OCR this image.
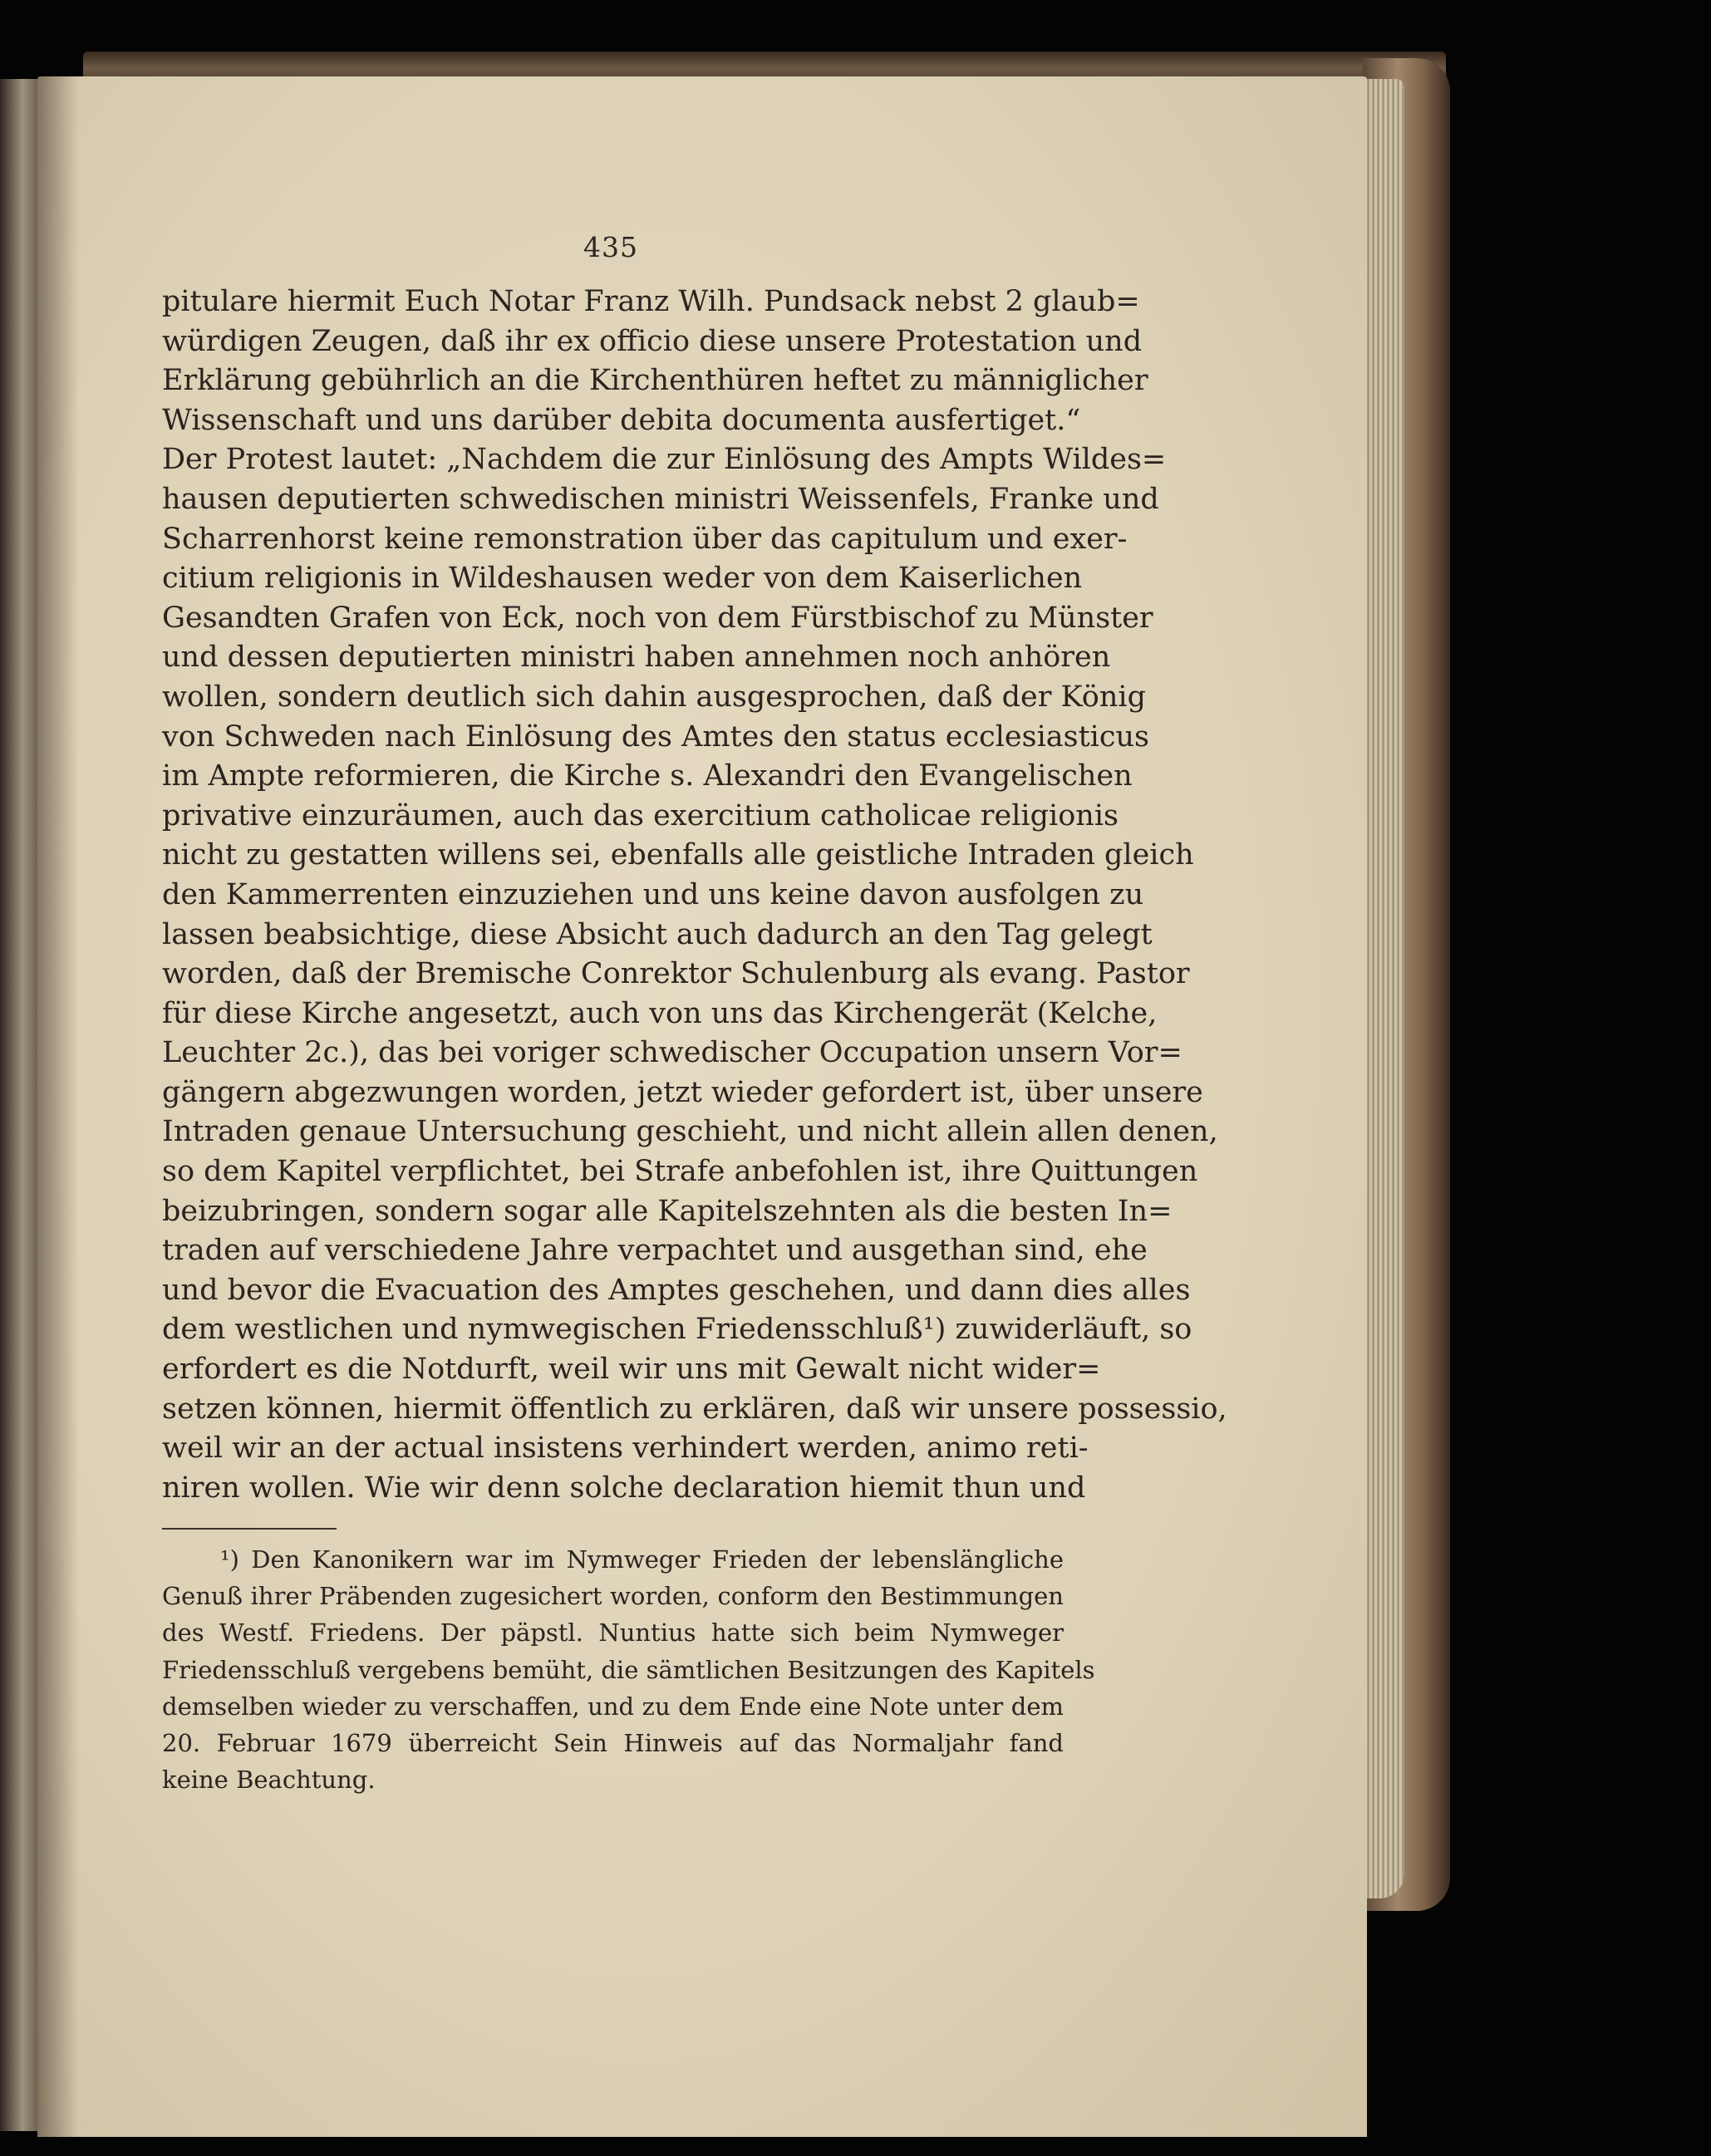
435
pitulare hiermit Euch Notar Franz Wilh. Pundsack nebst 2 glaub=
würdigen Zeugen, daß ihr ex officio diese unsere Protestation und
Erklärung gebührlich an die Kirchenthüren heftet zu männiglicher
Wissenschaft und uns darüber debita documenta ausfertiget.“
Der Protest lautet: „Nachdem die zur Einlösung des Ampts Wildes=
hausen deputierten schwedischen ministri Weissenfels, Franke und
Scharrenhorst keine remonstration über das capitulum und exer-
citium religionis in Wildeshausen weder von dem Kaiserlichen
Gesandten Grafen von Eck, noch von dem Fürstbischof zu Münster
und dessen deputierten ministri haben annehmen noch anhören
wollen, sondern deutlich sich dahin ausgesprochen, daß der König
von Schweden nach Einlösung des Amtes den status ecclesiasticus
im Ampte reformieren, die Kirche s. Alexandri den Evangelischen
privative einzuräumen, auch das exercitium catholicae religionis
nicht zu gestatten willens sei, ebenfalls alle geistliche Intraden gleich
den Kammerrenten einzuziehen und uns keine davon ausfolgen zu
lassen beabsichtige, diese Absicht auch dadurch an den Tag gelegt
worden, daß der Bremische Conrektor Schulenburg als evang. Pastor
für diese Kirche angesetzt, auch von uns das Kirchengerät (Kelche,
Leuchter 2c.), das bei voriger schwedischer Occupation unsern Vor=
gängern abgezwungen worden, jetzt wieder gefordert ist, über unsere
Intraden genaue Untersuchung geschieht, und nicht allein allen denen,
so dem Kapitel verpflichtet, bei Strafe anbefohlen ist, ihre Quittungen
beizubringen, sondern sogar alle Kapitelszehnten als die besten In=
traden auf verschiedene Jahre verpachtet und ausgethan sind, ehe
und bevor die Evacuation des Amptes geschehen, und dann dies alles
dem westlichen und nymwegischen Friedensschluß¹) zuwiderläuft, so
erfordert es die Notdurft, weil wir uns mit Gewalt nicht wider=
setzen können, hiermit öffentlich zu erklären, daß wir unsere possessio,
weil wir an der actual insistens verhindert werden, animo reti-
niren wollen. Wie wir denn solche declaration hiemit thun und
¹) Den Kanonikern war im Nymweger Frieden der lebenslängliche
Genuß ihrer Präbenden zugesichert worden, conform den Bestimmungen
des Westf. Friedens. Der päpstl. Nuntius hatte sich beim Nymweger
Friedensschluß vergebens bemüht, die sämtlichen Besitzungen des Kapitels
demselben wieder zu verschaffen, und zu dem Ende eine Note unter dem
20. Februar 1679 überreicht Sein Hinweis auf das Normaljahr fand
keine Beachtung.
